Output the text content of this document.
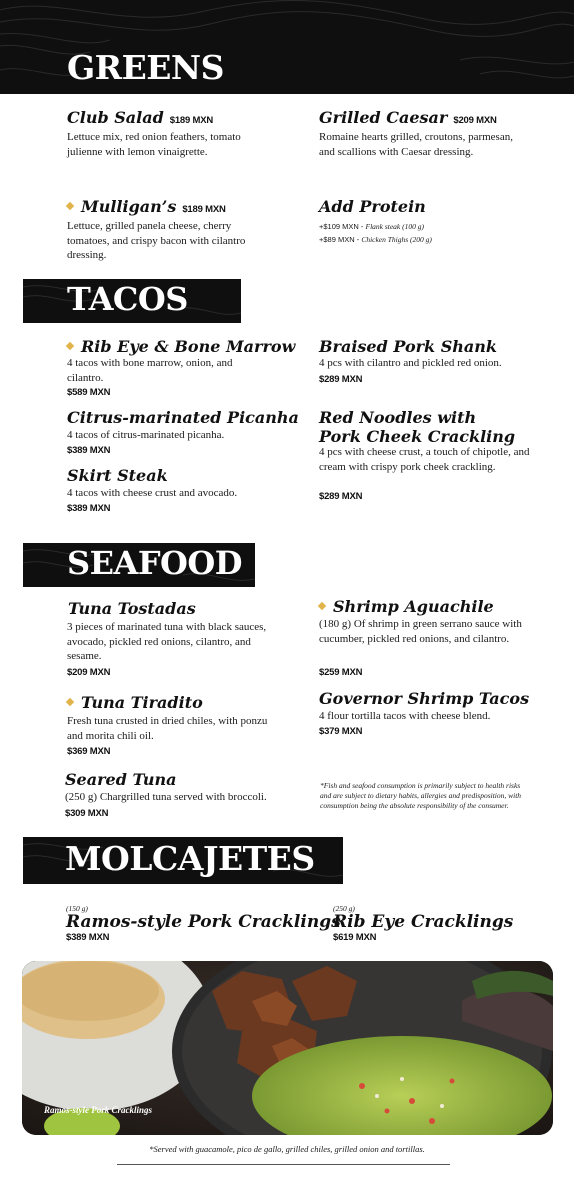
GREENS
Club Salad $189 MXN
Lettuce mix, red onion feathers, tomato julienne with lemon vinaigrette.
Grilled Caesar $209 MXN
Romaine hearts grilled, croutons, parmesan, and scallions with Caesar dressing.
Mulligan’s $189 MXN
Lettuce, grilled panela cheese, cherry tomatoes, and crispy bacon with cilantro dressing.
Add Protein
+$109 MXN - Flank steak (100 g)
+$89 MXN - Chicken Thighs (200 g)
TACOS
Rib Eye & Bone Marrow
4 tacos with bone marrow, onion, and cilantro.
$589 MXN
Braised Pork Shank
4 pcs with cilantro and pickled red onion.
$289 MXN
Citrus-marinated Picanha
4 tacos of citrus-marinated picanha.
$389 MXN
Red Noodles with Pork Cheek Crackling
4 pcs with cheese crust, a touch of chipotle, and cream with crispy pork cheek crackling.
$289 MXN
Skirt Steak
4 tacos with cheese crust and avocado.
$389 MXN
SEAFOOD
Tuna Tostadas
3 pieces of marinated tuna with black sauces, avocado, pickled red onions, cilantro, and sesame.
$209 MXN
Shrimp Aguachile
(180 g) Of shrimp in green serrano sauce with cucumber, pickled red onions, and cilantro.
$259 MXN
Tuna Tiradito
Fresh tuna crusted in dried chiles, with ponzu and morita chili oil.
$369 MXN
Governor Shrimp Tacos
4 flour tortilla tacos with cheese blend.
$379 MXN
Seared Tuna
(250 g) Chargrilled tuna served with broccoli.
$309 MXN
*Fish and seafood consumption is primarily subject to health risks and are subject to dietary habits, allergies and predisposition, with consumption being the absolute responsibility of the consumer.
MOLCAJETES
(150 g)
Ramos-style Pork Cracklings
$389 MXN
(250 g)
Rib Eye Cracklings
$619 MXN
Ramos-style Pork Cracklings
*Served with guacamole, pico de gallo, grilled chiles, grilled onion and tortillas.
